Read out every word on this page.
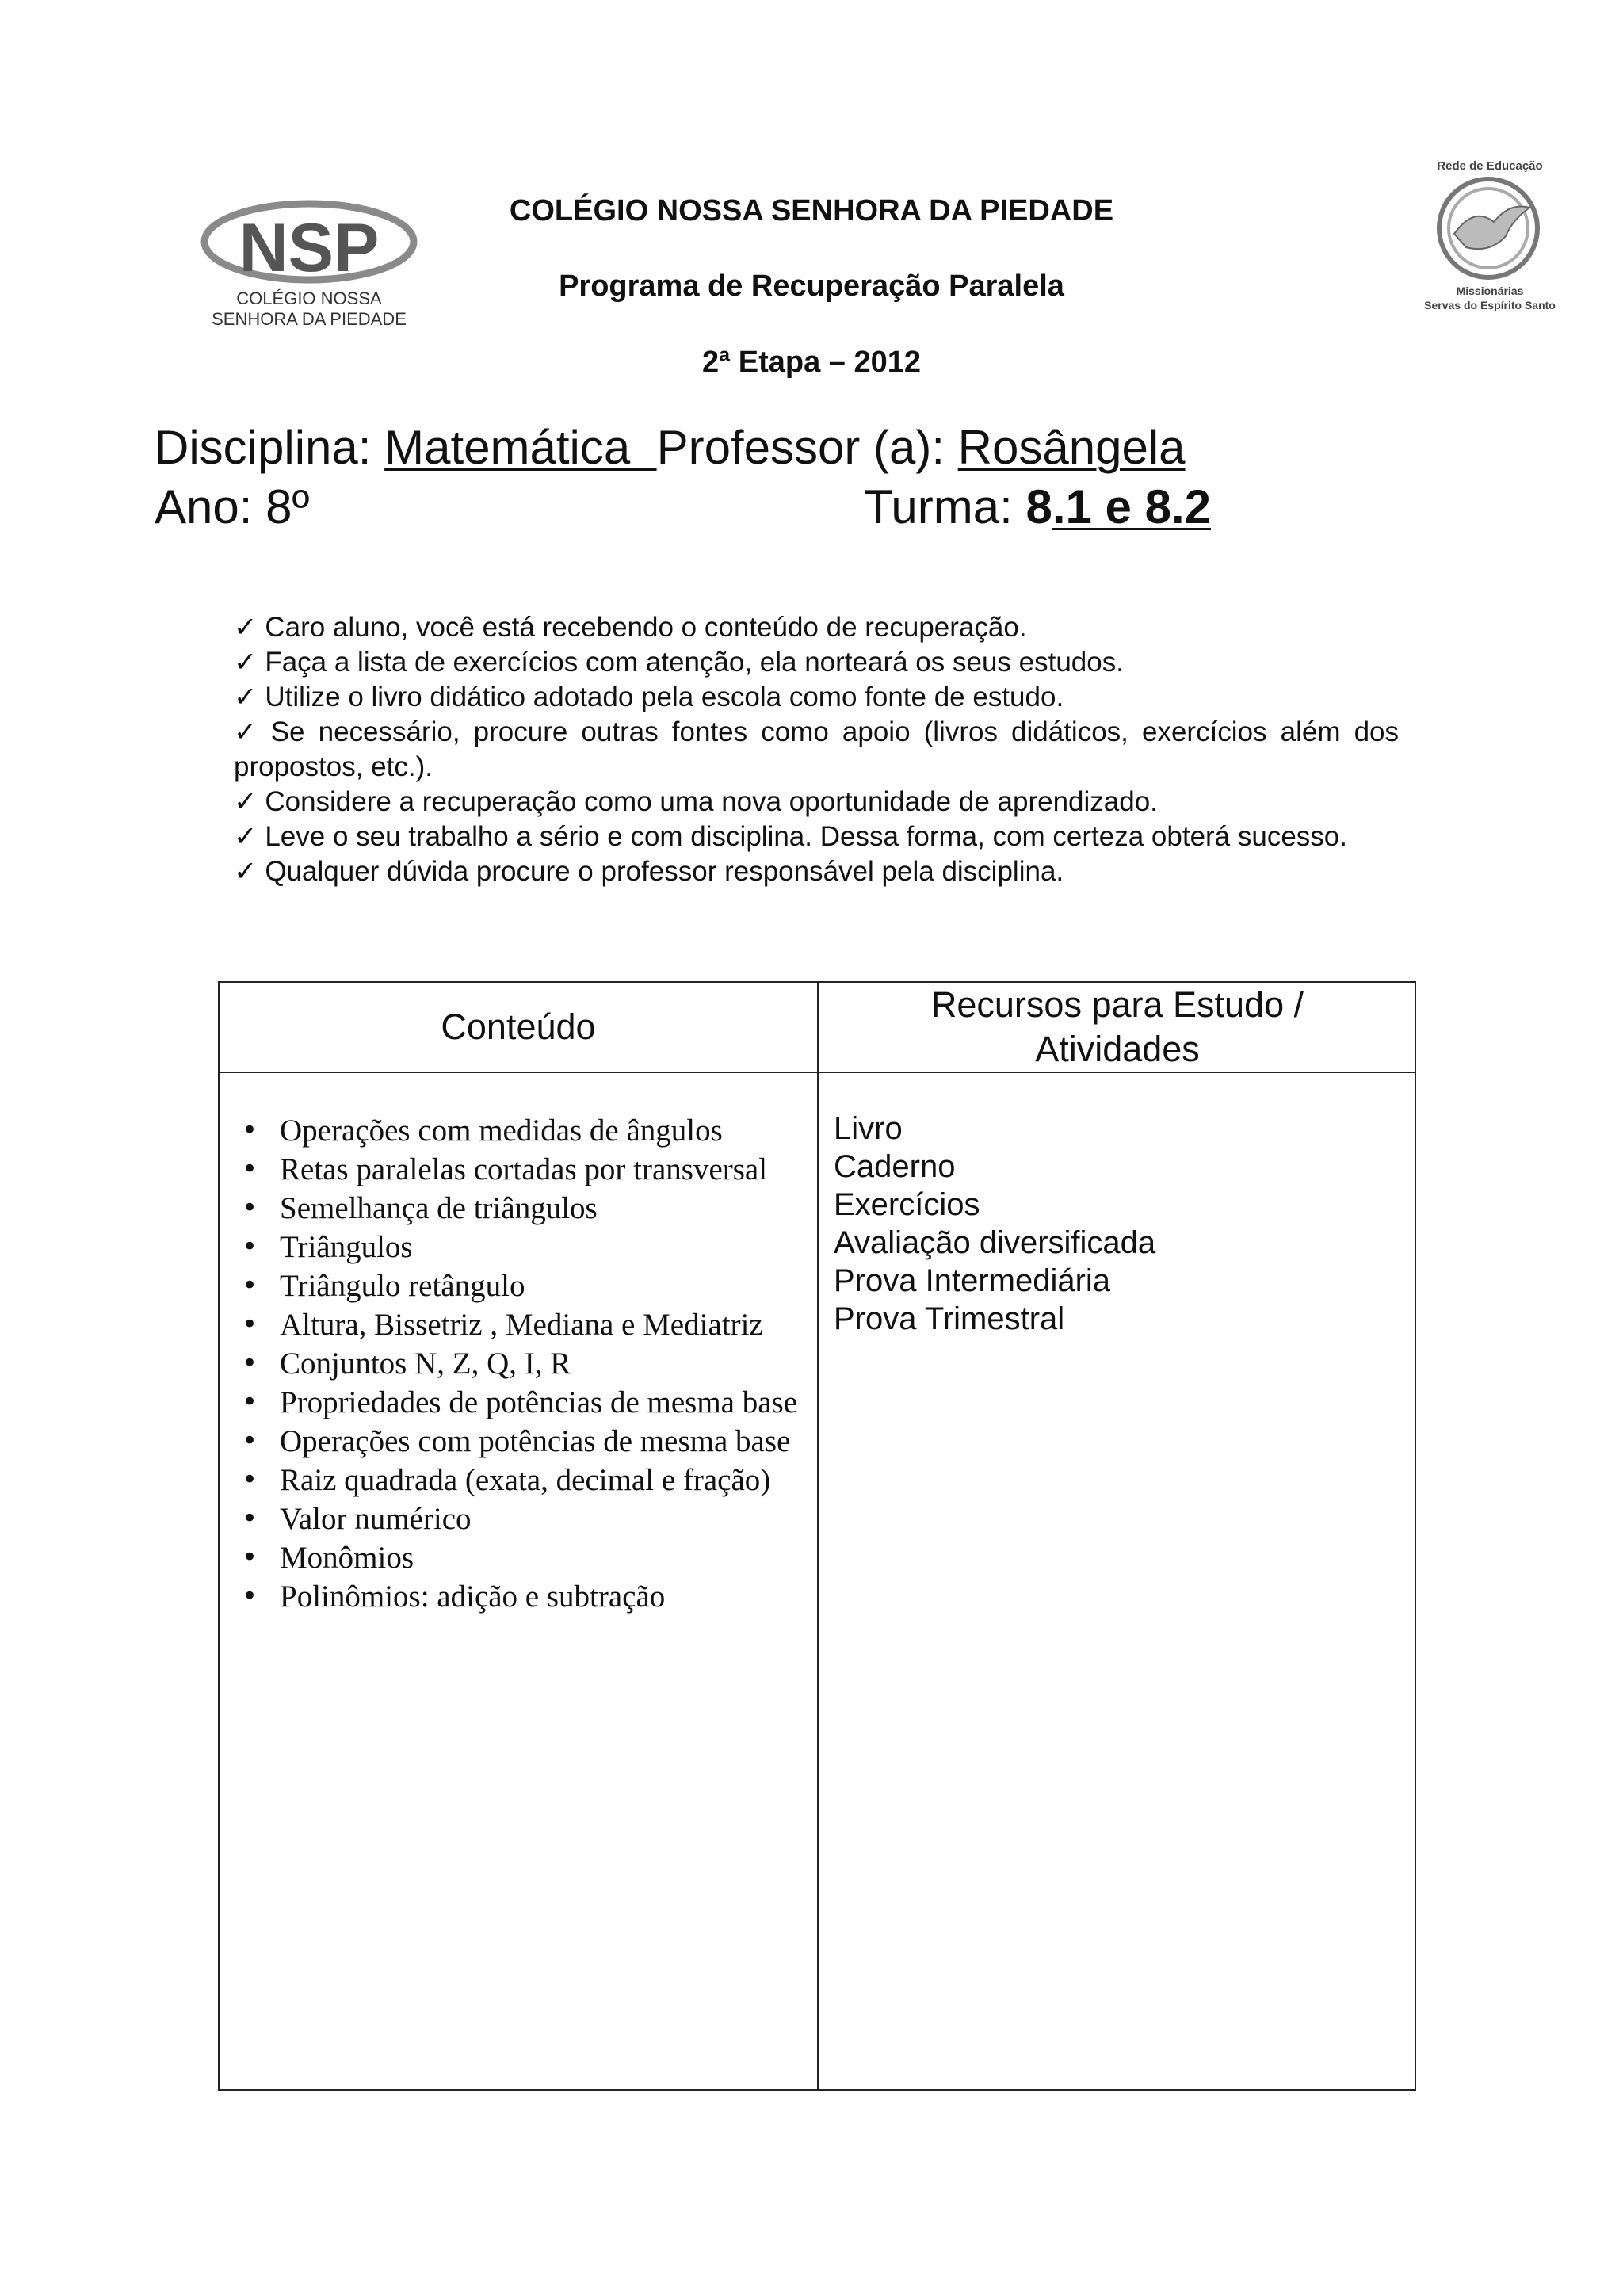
NSP
COLÉGIO NOSSA
SENHORA DA PIEDADE
Rede de Educação
Missionárias
Servas do Espírito Santo
COLÉGIO NOSSA SENHORA DA PIEDADE
Programa de Recuperação Paralela
2ª Etapa – 2012
Disciplina: Matemática  Professor (a): Rosângela
Ano: 8º	Turma: 8.1 e 8.2
✓ Caro aluno, você está recebendo o conteúdo de recuperação.
✓ Faça a lista de exercícios com atenção, ela norteará os seus estudos.
✓ Utilize o livro didático adotado pela escola como fonte de estudo.
✓ Se necessário, procure outras fontes como apoio (livros didáticos, exercícios além dos propostos, etc.).
✓ Considere a recuperação como uma nova oportunidade de aprendizado.
✓ Leve o seu trabalho a sério e com disciplina. Dessa forma, com certeza obterá sucesso.
✓ Qualquer dúvida procure o professor responsável pela disciplina.
Conteúdo
Recursos para Estudo /
Atividades
• Operações com medidas de ângulos
• Retas paralelas cortadas por transversal
• Semelhança de triângulos
• Triângulos
• Triângulo retângulo
• Altura, Bissetriz , Mediana e Mediatriz
• Conjuntos N, Z, Q, I, R
• Propriedades de potências de mesma base
• Operações com potências de mesma base
• Raiz quadrada (exata, decimal e fração)
• Valor numérico
• Monômios
• Polinômios: adição e subtração
Livro
Caderno
Exercícios
Avaliação diversificada
Prova Intermediária
Prova Trimestral
